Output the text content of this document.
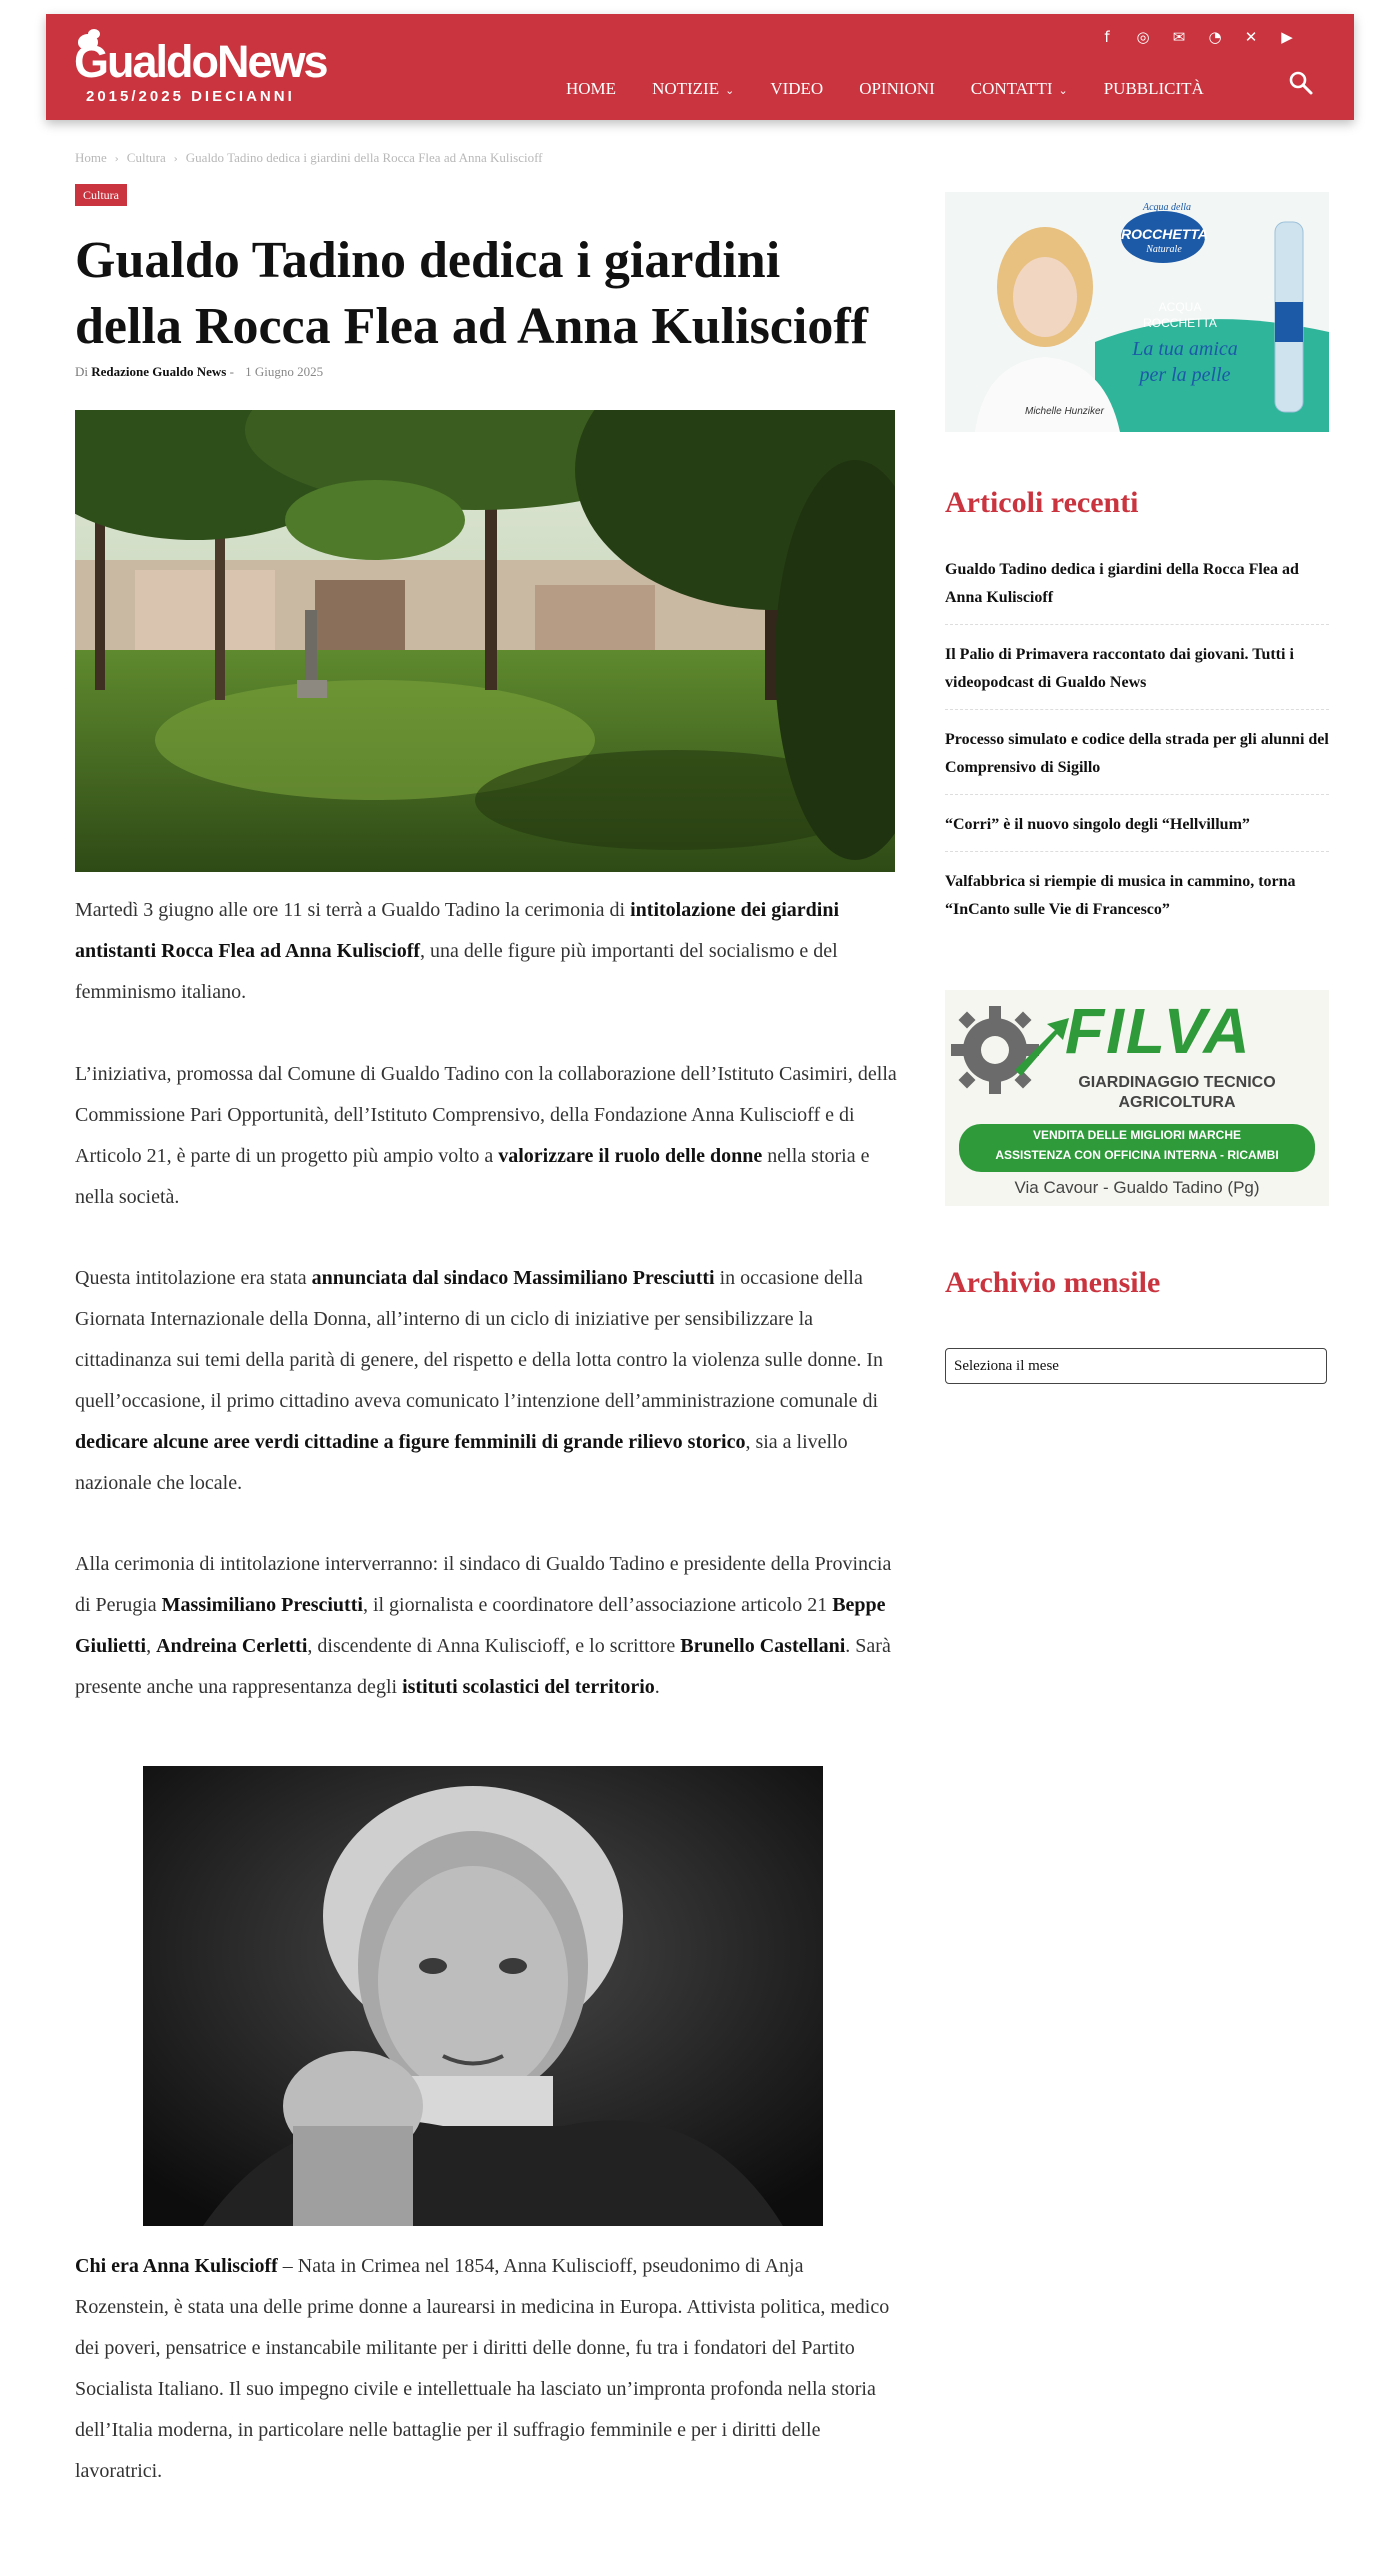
GualdoNews
2015/2025 DIECIANNI
f	◎	✉	◔	✕	▶
HOME NOTIZIE ⌄ VIDEO OPINIONI CONTATTI ⌄ PUBBLICITÀ
Home › Cultura › Gualdo Tadino dedica i giardini della Rocca Flea ad Anna Kuliscioff
Cultura
Gualdo Tadino dedica i giardini della Rocca Flea ad Anna Kuliscioff
Di Redazione Gualdo News - 1 Giugno 2025

Martedì 3 giugno alle ore 11 si terrà a Gualdo Tadino la cerimonia di intitolazione dei giardini antistanti Rocca Flea ad Anna Kuliscioff, una delle figure più importanti del socialismo e del femminismo italiano.

L’iniziativa, promossa dal Comune di Gualdo Tadino con la collaborazione dell’Istituto Casimiri, della Commissione Pari Opportunità, dell’Istituto Comprensivo, della Fondazione Anna Kuliscioff e di Articolo 21, è parte di un progetto più ampio volto a valorizzare il ruolo delle donne nella storia e nella società.

Questa intitolazione era stata annunciata dal sindaco Massimiliano Presciutti in occasione della Giornata Internazionale della Donna, all’interno di un ciclo di iniziative per sensibilizzare la cittadinanza sui temi della parità di genere, del rispetto e della lotta contro la violenza sulle donne. In quell’occasione, il primo cittadino aveva comunicato l’intenzione dell’amministrazione comunale di dedicare alcune aree verdi cittadine a figure femminili di grande rilievo storico, sia a livello nazionale che locale.

Alla cerimonia di intitolazione interverranno: il sindaco di Gualdo Tadino e presidente della Provincia di Perugia Massimiliano Presciutti, il giornalista e coordinatore dell’associazione articolo 21 Beppe Giulietti, Andreina Cerletti, discendente di Anna Kuliscioff, e lo scrittore Brunello Castellani. Sarà presente anche una rappresentanza degli istituti scolastici del territorio.

Chi era Anna Kuliscioff – Nata in Crimea nel 1854, Anna Kuliscioff, pseudonimo di Anja Rozenstein, è stata una delle prime donne a laurearsi in medicina in Europa. Attivista politica, medico dei poveri, pensatrice e instancabile militante per i diritti delle donne, fu tra i fondatori del Partito Socialista Italiano. Il suo impegno civile e intellettuale ha lasciato un’impronta profonda nella storia dell’Italia moderna, in particolare nelle battaglie per il suffragio femminile e per i diritti delle lavoratrici.

Acqua della Salute
ROCCHETTA
Naturale
ACQUA
ROCCHETTA
La tua amica
per la pelle
Michelle Hunziker
Articoli recenti
Gualdo Tadino dedica i giardini della Rocca Flea ad Anna Kuliscioff
Il Palio di Primavera raccontato dai giovani. Tutti i videopodcast di Gualdo News
Processo simulato e codice della strada per gli alunni del Comprensivo di Sigillo
“Corri” è il nuovo singolo degli “Hellvillum”
Valfabbrica si riempie di musica in cammino, torna “InCanto sulle Vie di Francesco”
FILVA
GIARDINAGGIO TECNICO
AGRICOLTURA
VENDITA DELLE MIGLIORI MARCHE
ASSISTENZA CON OFFICINA INTERNA - RICAMBI
Via Cavour - Gualdo Tadino (Pg)
Archivio mensile
Seleziona il mese
